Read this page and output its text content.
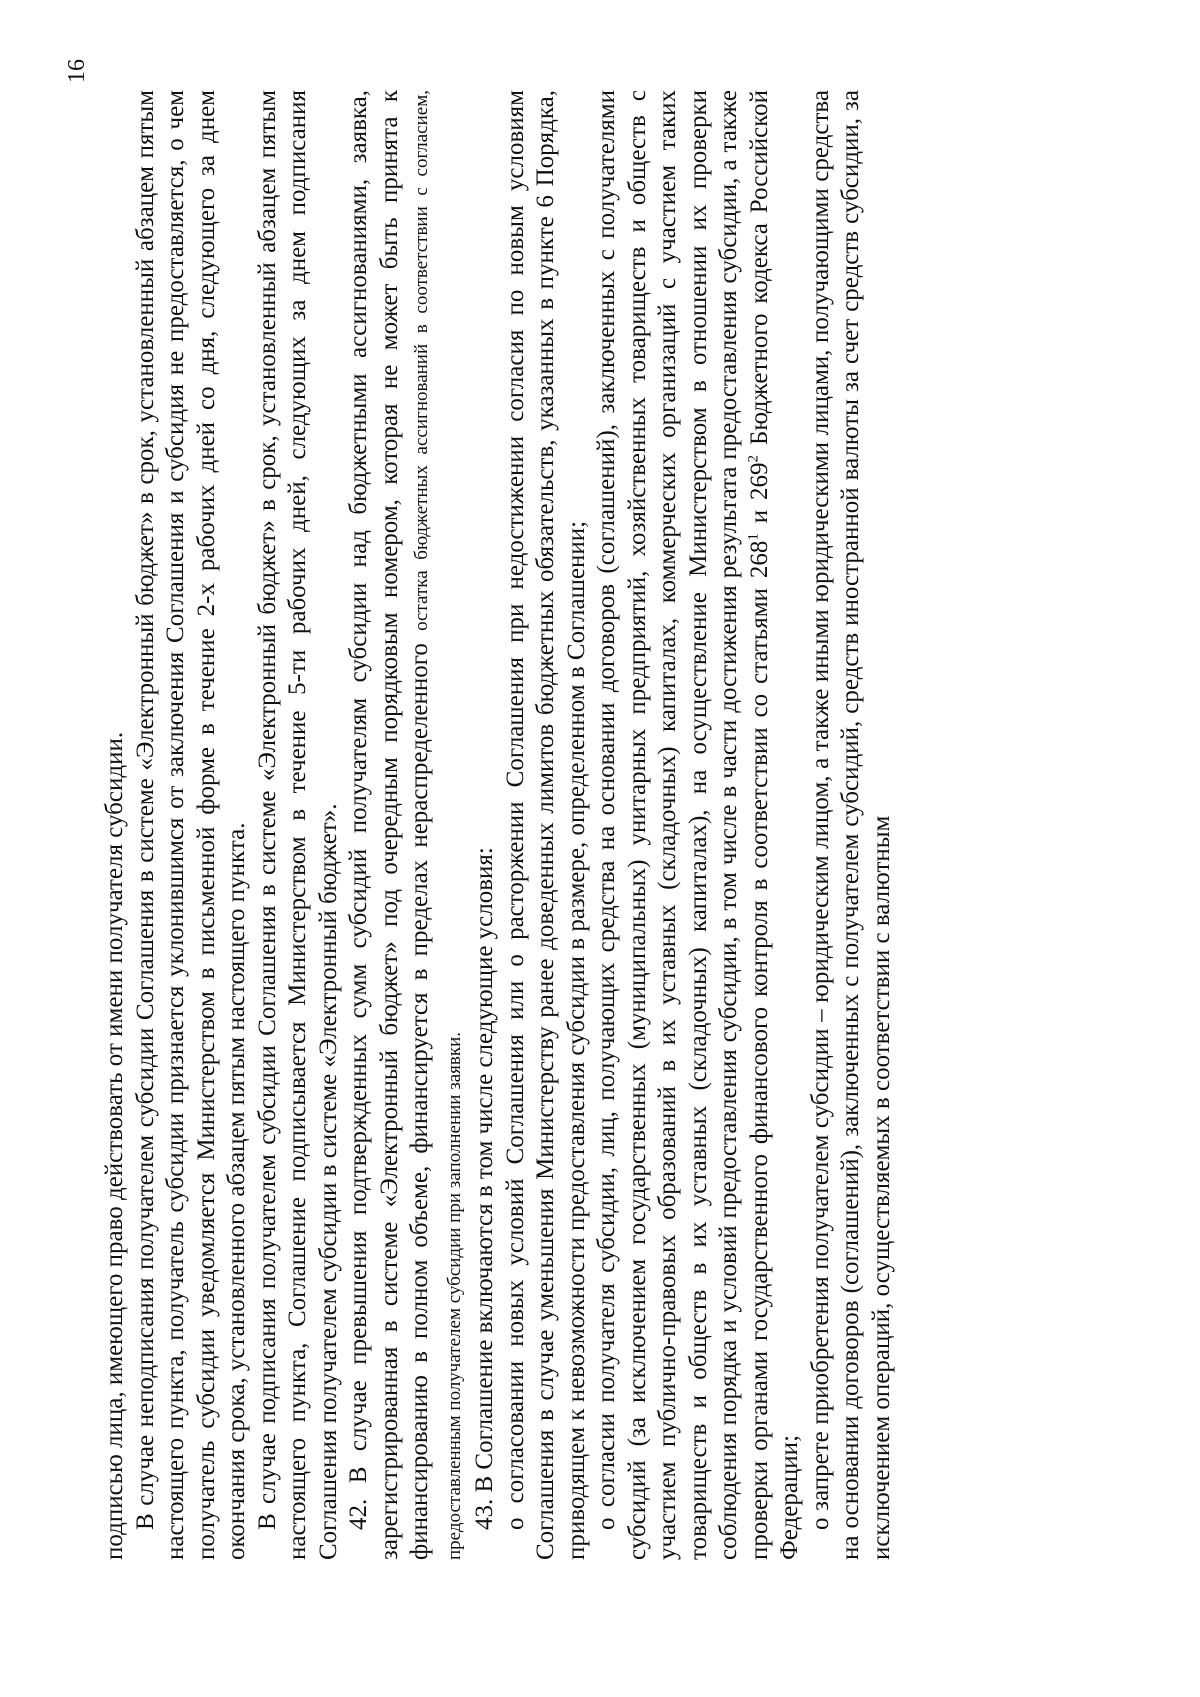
16

подписью лица, имеющего право действовать от имени получателя субсидии. В случае неподписания получателем субсидии Соглашения в системе «Электронный бюджет» в срок, установленный абзацем пятым настоящего пункта, получатель субсидии признается уклонившимся от заключения Соглашения и субсидия не предоставляется, о чем получатель субсидии уведомляется Министерством в письменной форме в течение 2-х рабочих дней со дня, следующего за днем окончания срока, установленного абзацем пятым настоящего пункта. В случае подписания получателем субсидии Соглашения в системе «Электронный бюджет» в срок, установленный абзацем пятым настоящего пункта, Соглашение подписывается Министерством в течение 5-ти рабочих дней, следующих за днем подписания Соглашения получателем субсидии в системе «Электронный бюджет». 42. В случае превышения подтвержденных сумм субсидий получателям субсидии над бюджетными ассигнованиями, заявка, зарегистрированная в системе «Электронный бюджет» под очередным порядковым номером, которая не может быть принята к финансированию в полном объеме, финансируется в пределах нераспределенного остатка бюджетных ассигнований в соответствии с согласием, предоставленным получателем субсидии при заполнении заявки. 43. В Соглашение включаются в том числе следующие условия: о согласовании новых условий Соглашения или о расторжении Соглашения при недостижении согласия по новым условиям Соглашения в случае уменьшения Министерству ранее доведенных лимитов бюджетных обязательств, указанных в пункте 6 Порядка, приводящем к невозможности предоставления субсидии в размере, определенном в Соглашении; о согласии получателя субсидии, лиц, получающих средства на основании договоров (соглашений), заключенных с получателями субсидий (за исключением государственных (муниципальных) унитарных предприятий, хозяйственных товариществ и обществ с участием публично-правовых образований в их уставных (складочных) капиталах, коммерческих организаций с участием таких товариществ и обществ в их уставных (складочных) капиталах), на осуществление Министерством в отношении их проверки соблюдения порядка и условий предоставления субсидии, в том числе в части достижения результата предоставления субсидии, а также проверки органами государственного финансового контроля в соответствии со статьями $268^1$ и $269^2$ Бюджетного кодекса Российской Федерации; о запрете приобретения получателем субсидии – юридическим лицом, а также иными юридическими лицами, получающими средства на основании договоров (соглашений), заключенных с получателем субсидий, средств иностранной валюты за счет средств субсидии, за исключением операций, осуществляемых в соответствии с валютным
